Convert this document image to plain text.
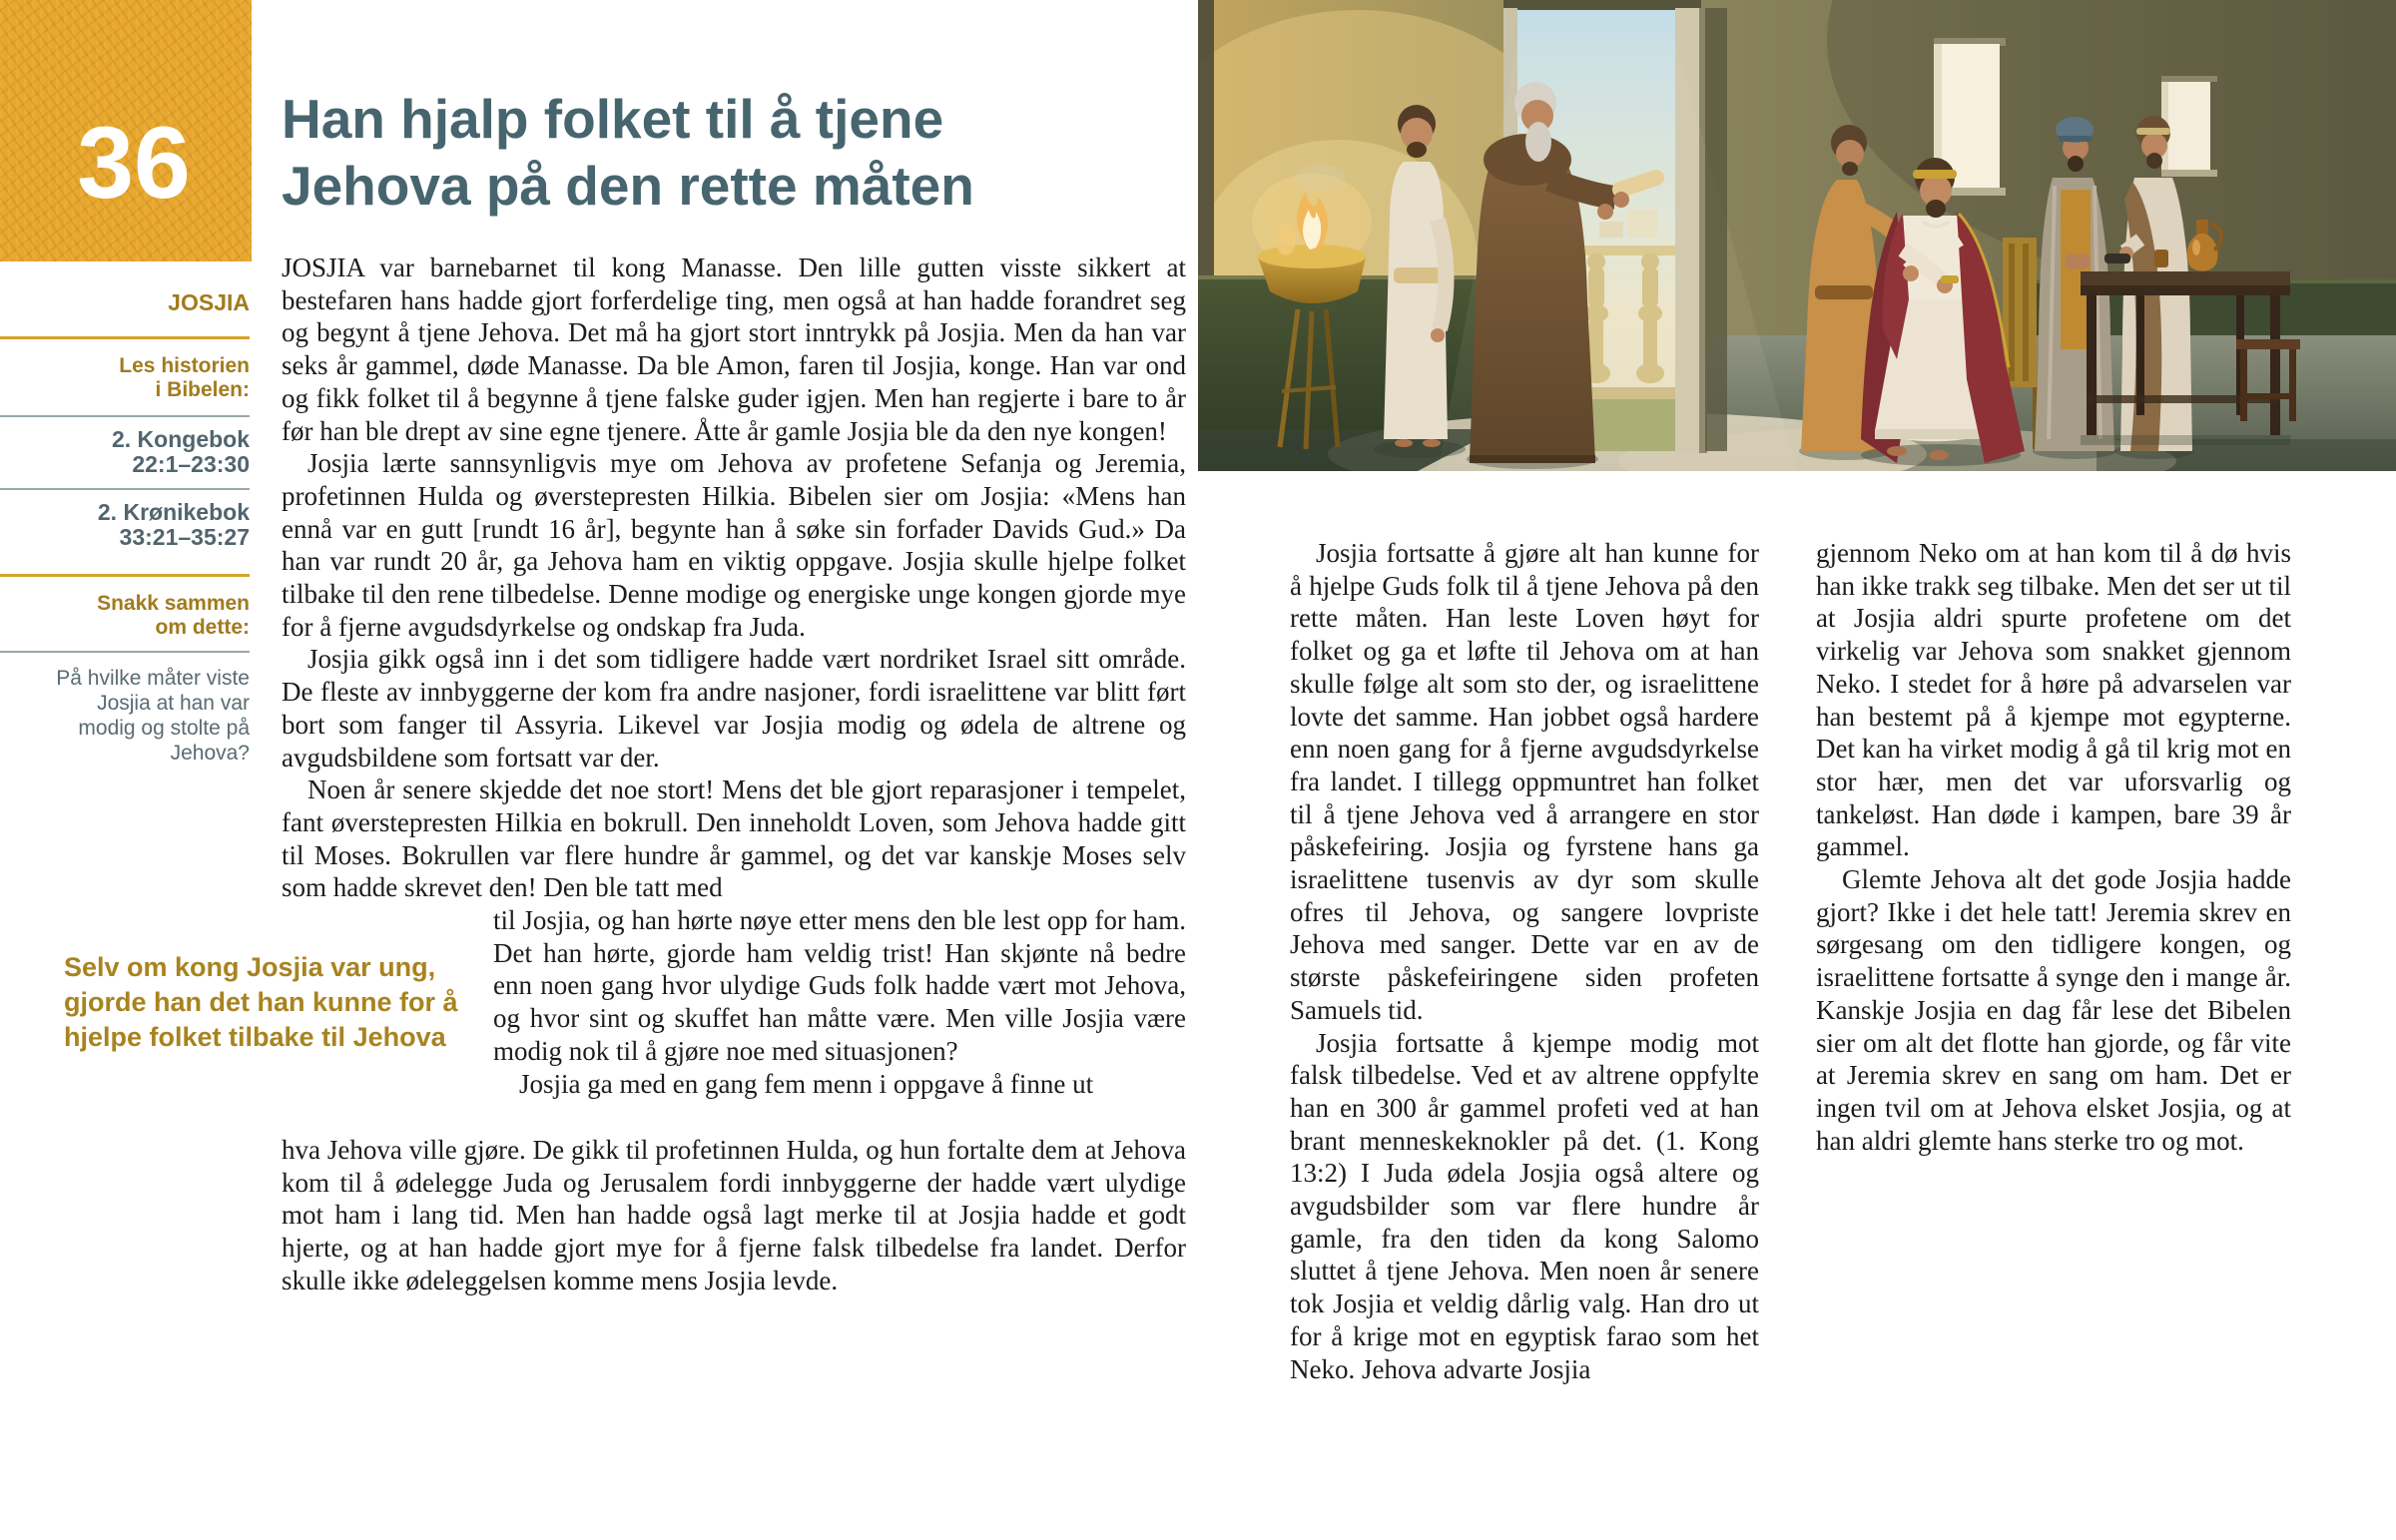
36
JOSJIA
Les historien
i Bibelen:
2. Kongebok
22:1–23:30
2. Krønikebok
33:21–35:27
Snakk sammen
om dette:
På hvilke måter viste Josjia at han var modig og stolte på Jehova?
Han hjalp folket til å tjene
Jehova på den rette måten

JOSJIA var barnebarnet til kong Manasse. Den lille gutten visste sikkert at bestefaren hans hadde gjort forferdelige ting, men også at han hadde forandret seg og begynt å tjene Jehova. Det må ha gjort stort inntrykk på Josjia. Men da han var seks år gammel, døde Manasse. Da ble Amon, faren til Josjia, konge. Han var ond og fikk folket til å begynne å tjene falske guder igjen. Men han regjerte i bare to år før han ble drept av sine egne tjenere. Åtte år gamle Josjia ble da den nye kongen!

Josjia lærte sannsynligvis mye om Jehova av profetene Sefanja og Jeremia, profetinnen Hulda og øverstepresten Hilkia. Bibelen sier om Josjia: «Mens han ennå var en gutt [rundt 16 år], begynte han å søke sin forfader Davids Gud.» Da han var rundt 20 år, ga Jehova ham en viktig oppgave. Josjia skulle hjelpe folket tilbake til den rene tilbedelse. Denne modige og energiske unge kongen gjorde mye for å fjerne avgudsdyrkelse og ondskap fra Juda.

Josjia gikk også inn i det som tidligere hadde vært nordriket Israel sitt område. De fleste av innbyggerne der kom fra andre nasjoner, fordi israelittene var blitt ført bort som fanger til Assyria. Likevel var Josjia modig og ødela de altrene og avgudsbildene som fortsatt var der.

Noen år senere skjedde det noe stort! Mens det ble gjort reparasjoner i tempelet, fant øverstepresten Hilkia en bokrull. Den inneholdt Loven, som Jehova hadde gitt til Moses. Bokrullen var flere hundre år gammel, og det var kanskje Moses selv som hadde skrevet den! Den ble tatt med

Selv om kong Josjia var ung, gjorde han det han kunne for å hjelpe folket tilbake til Jehova

til Josjia, og han hørte nøye etter mens den ble lest opp for ham. Det han hørte, gjorde ham veldig trist! Han skjønte nå bedre enn noen gang hvor ulydige Guds folk hadde vært mot Jehova, og hvor sint og skuffet han måtte være. Men ville Josjia være modig nok til å gjøre noe med situasjonen?

Josjia ga med en gang fem menn i oppgave å finne ut

hva Jehova ville gjøre. De gikk til profetinnen Hulda, og hun fortalte dem at Jehova kom til å ødelegge Juda og Jerusalem fordi innbyggerne der hadde vært ulydige mot ham i lang tid. Men han hadde også lagt merke til at Josjia hadde et godt hjerte, og at han hadde gjort mye for å fjerne falsk tilbedelse fra landet. Derfor skulle ikke ødeleggelsen komme mens Josjia levde.

Josjia fortsatte å gjøre alt han kunne for å hjelpe Guds folk til å tjene Jehova på den rette måten. Han leste Loven høyt for folket og ga et løfte til Jehova om at han skulle følge alt som sto der, og israelittene lovte det samme. Han jobbet også hardere enn noen gang for å fjerne avgudsdyrkelse fra landet. I tillegg oppmuntret han folket til å tjene Jehova ved å arrangere en stor påskefeiring. Josjia og fyrstene hans ga israelittene tusenvis av dyr som skulle ofres til Jehova, og sangere lovpriste Jehova med sanger. Dette var en av de største påskefeiringene siden profeten Samuels tid.

Josjia fortsatte å kjempe modig mot falsk tilbedelse. Ved et av altrene oppfylte han en 300 år gammel profeti ved at han brant menneskeknokler på det. (1. Kong 13:2) I Juda ødela Josjia også altere og avgudsbilder som var flere hundre år gamle, fra den tiden da kong Salomo sluttet å tjene Jehova. Men noen år senere tok Josjia et veldig dårlig valg. Han dro ut for å krige mot en egyptisk farao som het Neko. Jehova advarte Josjia

gjennom Neko om at han kom til å dø hvis han ikke trakk seg tilbake. Men det ser ut til at Josjia aldri spurte profetene om det virkelig var Jehova som snakket gjennom Neko. I stedet for å høre på advarselen var han bestemt på å kjempe mot egypterne. Det kan ha virket modig å gå til krig mot en stor hær, men det var uforsvarlig og tankeløst. Han døde i kampen, bare 39 år gammel.

Glemte Jehova alt det gode Josjia hadde gjort? Ikke i det hele tatt! Jeremia skrev en sørgesang om den tidligere kongen, og israelittene fortsatte å synge den i mange år. Kanskje Josjia en dag får lese det Bibelen sier om alt det flotte han gjorde, og får vite at Jeremia skrev en sang om ham. Det er ingen tvil om at Jehova elsket Josjia, og at han aldri glemte hans sterke tro og mot.
